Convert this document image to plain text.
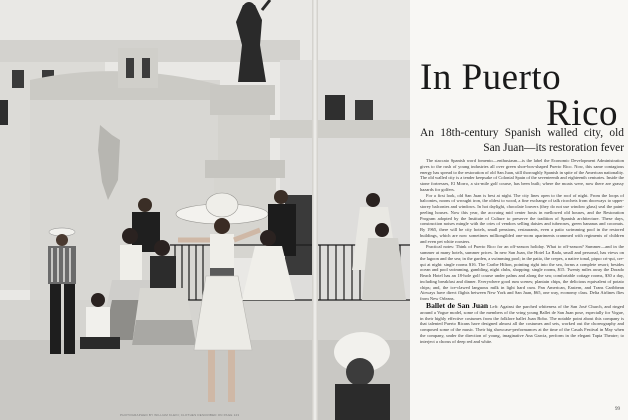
PHOTOGRAPHED BY WILLIAM KLEIN; CLOTHES DESCRIBED ON PAGE 123
In Puerto
Rico
An 18th-century Spanish walled city, old San Juan—its restoration fever

The staccato Spanish word fomento—enthusiasm—is the label the Economic Development Administration gives to the rush of young industries all over green shoe-box-shaped Puerto Rico. Now, this same contagious energy has spread to the restoration of old San Juan, still thoroughly Spanish in spite of the American nationality. The old walled city is a tender keepsake of Colonial Spain of the seventeenth and eighteenth centuries. Inside the stone fortresses, El Morro, a six-mile golf course, has been built; where the moats were, now there are grassy hazards for golfers.

For a first look, old San Juan is best at night. The city lines open to the roof of night. From the loops of balconies, noons of wrought iron, the oldest to wood, a fine exchange of talk ricochets from doorways to upper-storey balconies and windows. In hot daylight, chocolate louvers (they do not use window glass) seal the paint-peeling houses. Now this year, the accruing mid center hosts in mellowed old houses, and the Restoration Program adopted by the Institute of Culture to preserve the tradition of Spanish architecture. These days, construction noises mingle with the cries of vendors selling daisies and tuberoses, green bananas and coconuts. By 1965, there will be city hotels, small pensions, restaurants, even a patio swimming pool in the restored buildings, which are now sometimes milliongilded one-room apartments crammed with regiments of children and even pet white roosters.

Practical notes: Think of Puerto Rico for an off-season holiday. What to off-season? Summer—and in the summer at many hotels, summer prices. In new San Juan, the Hotel La Rada, small and personal, has views on the lagoon and the sea; in the garden, a swimming pool; in the patio, the crepes, a native tonal, piquo cri-qui, cre-qui at night: single rooms $16. The Caribe Hilton, pointing right into the sea, forms a complete resort; besides ocean and pool swimming, gambling, night clubs, shopping: single rooms, $15. Twenty miles away the Dorado Beach Hotel has an 18-hole golf course under palms and along the sea; comfortable cottage rooms, $30 a day, including breakfast and dinner. Everywhere good rum scenes; plantain chips, the delicious equivalent of potato chips; and, the ice-clawed languous milk in light hard cum. Pan American, Eastern, and Trans Caribbean Airways have direct flights between New York and San Juan, $65, one way, economy class. Delta Airlines flies from New Orleans.

Ballet de San Juan Left: Against the parched whiteness of the San José Church, and ringed around a Vogue model, some of the members of the vring young Ballet de San Juan pose, especially for Vogue, in their highly effective costumes from the folklore ballet Juan Bobo. The notable point about this company is that talented Puerto Ricans have designed almost all the costumes and sets, worked out the choreography and composed some of the music. Their big showcase-performances at the time of the Casals Festival in May when the company, under the direction of young, imaginative Ana Garcia, perform in the elegant Tapia Theatre; to interject a chorus of deep red and white.

99
